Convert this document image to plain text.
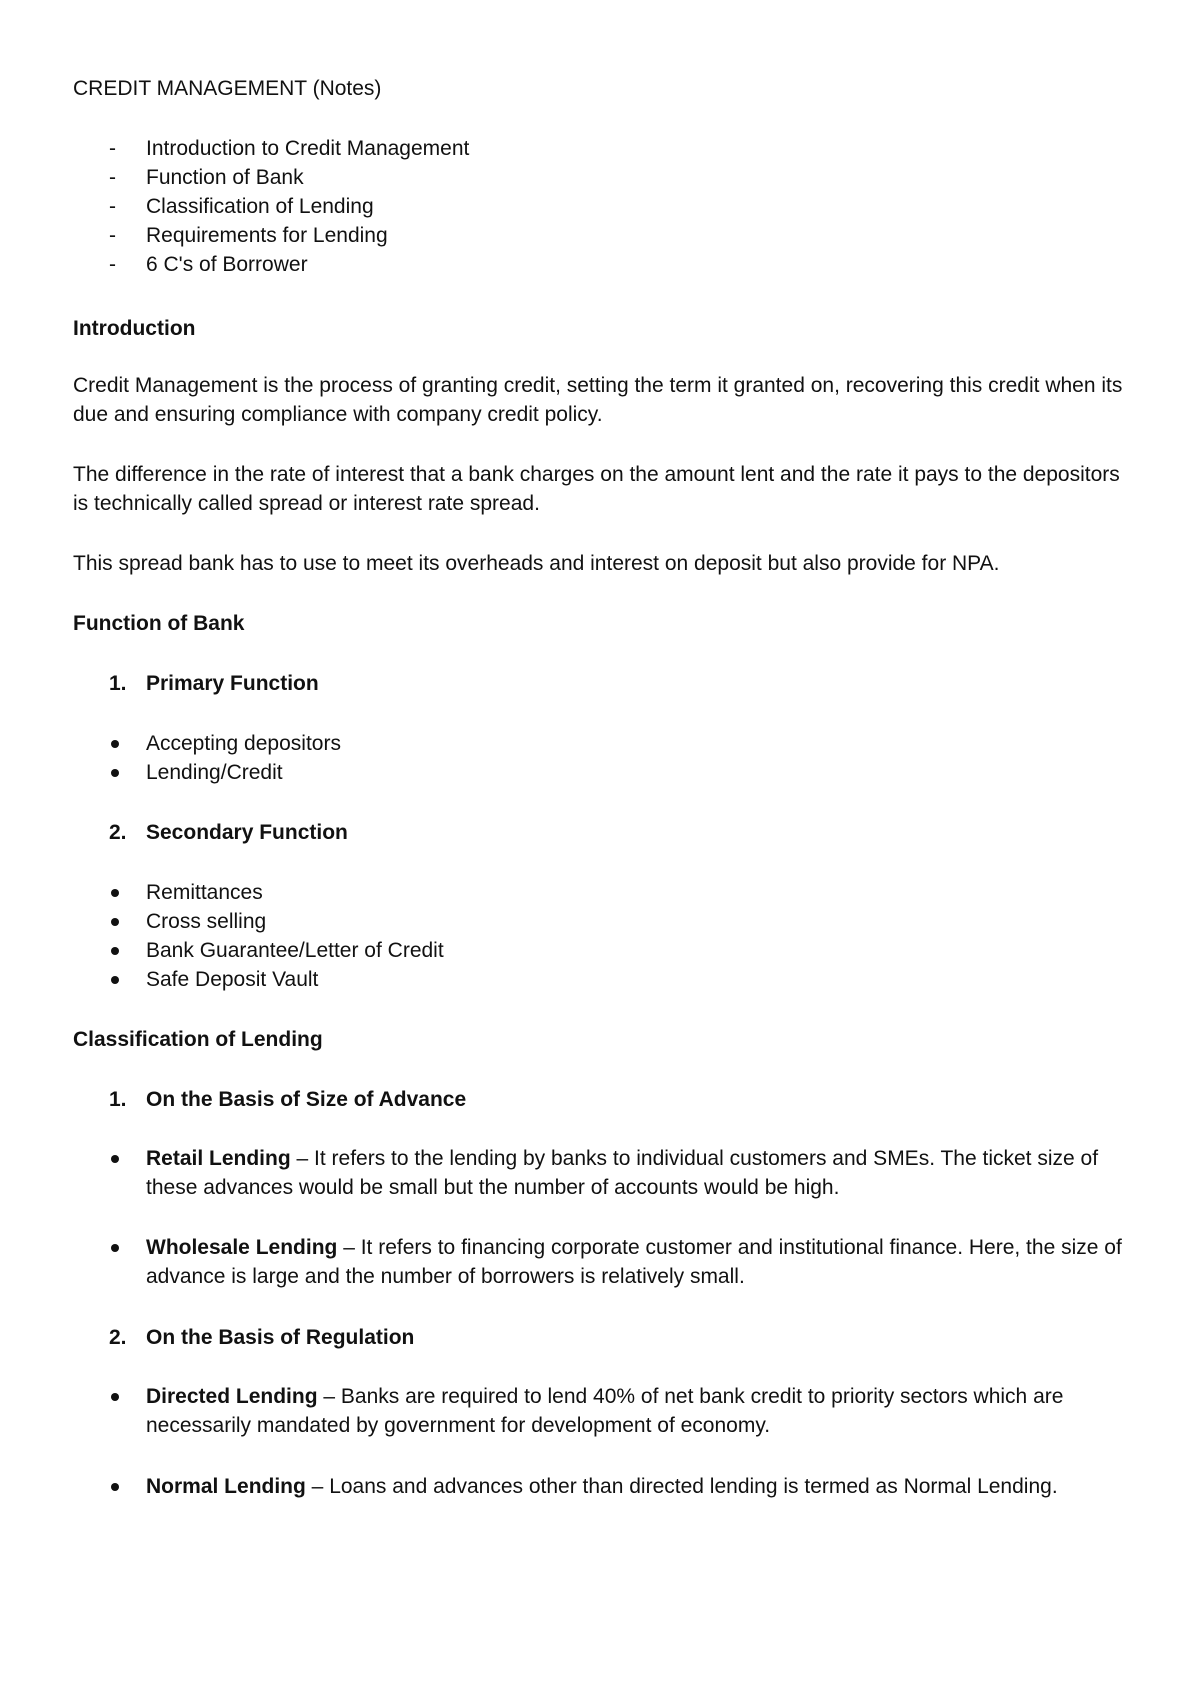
CREDIT MANAGEMENT (Notes)
- Introduction to Credit Management
- Function of Bank
- Classification of Lending
- Requirements for Lending
- 6 C's of Borrower
Introduction

Credit Management is the process of granting credit, setting the term it granted on, recovering this credit when its due and ensuring compliance with company credit policy.

The difference in the rate of interest that a bank charges on the amount lent and the rate it pays to the depositors is technically called spread or interest rate spread.

This spread bank has to use to meet its overheads and interest on deposit but also provide for NPA.

Function of Bank
1. Primary Function

Accepting depositors

Lending/Credit

2. Secondary Function

Remittances

Cross selling

Bank Guarantee/Letter of Credit

Safe Deposit Vault

Classification of Lending
1. On the Basis of Size of Advance

Retail Lending – It refers to the lending by banks to individual customers and SMEs. The ticket size of these advances would be small but the number of accounts would be high.

Wholesale Lending – It refers to financing corporate customer and institutional finance. Here, the size of advance is large and the number of borrowers is relatively small.

2. On the Basis of Regulation

Directed Lending – Banks are required to lend 40% of net bank credit to priority sectors which are necessarily mandated by government for development of economy.

Normal Lending – Loans and advances other than directed lending is termed as Normal Lending.
